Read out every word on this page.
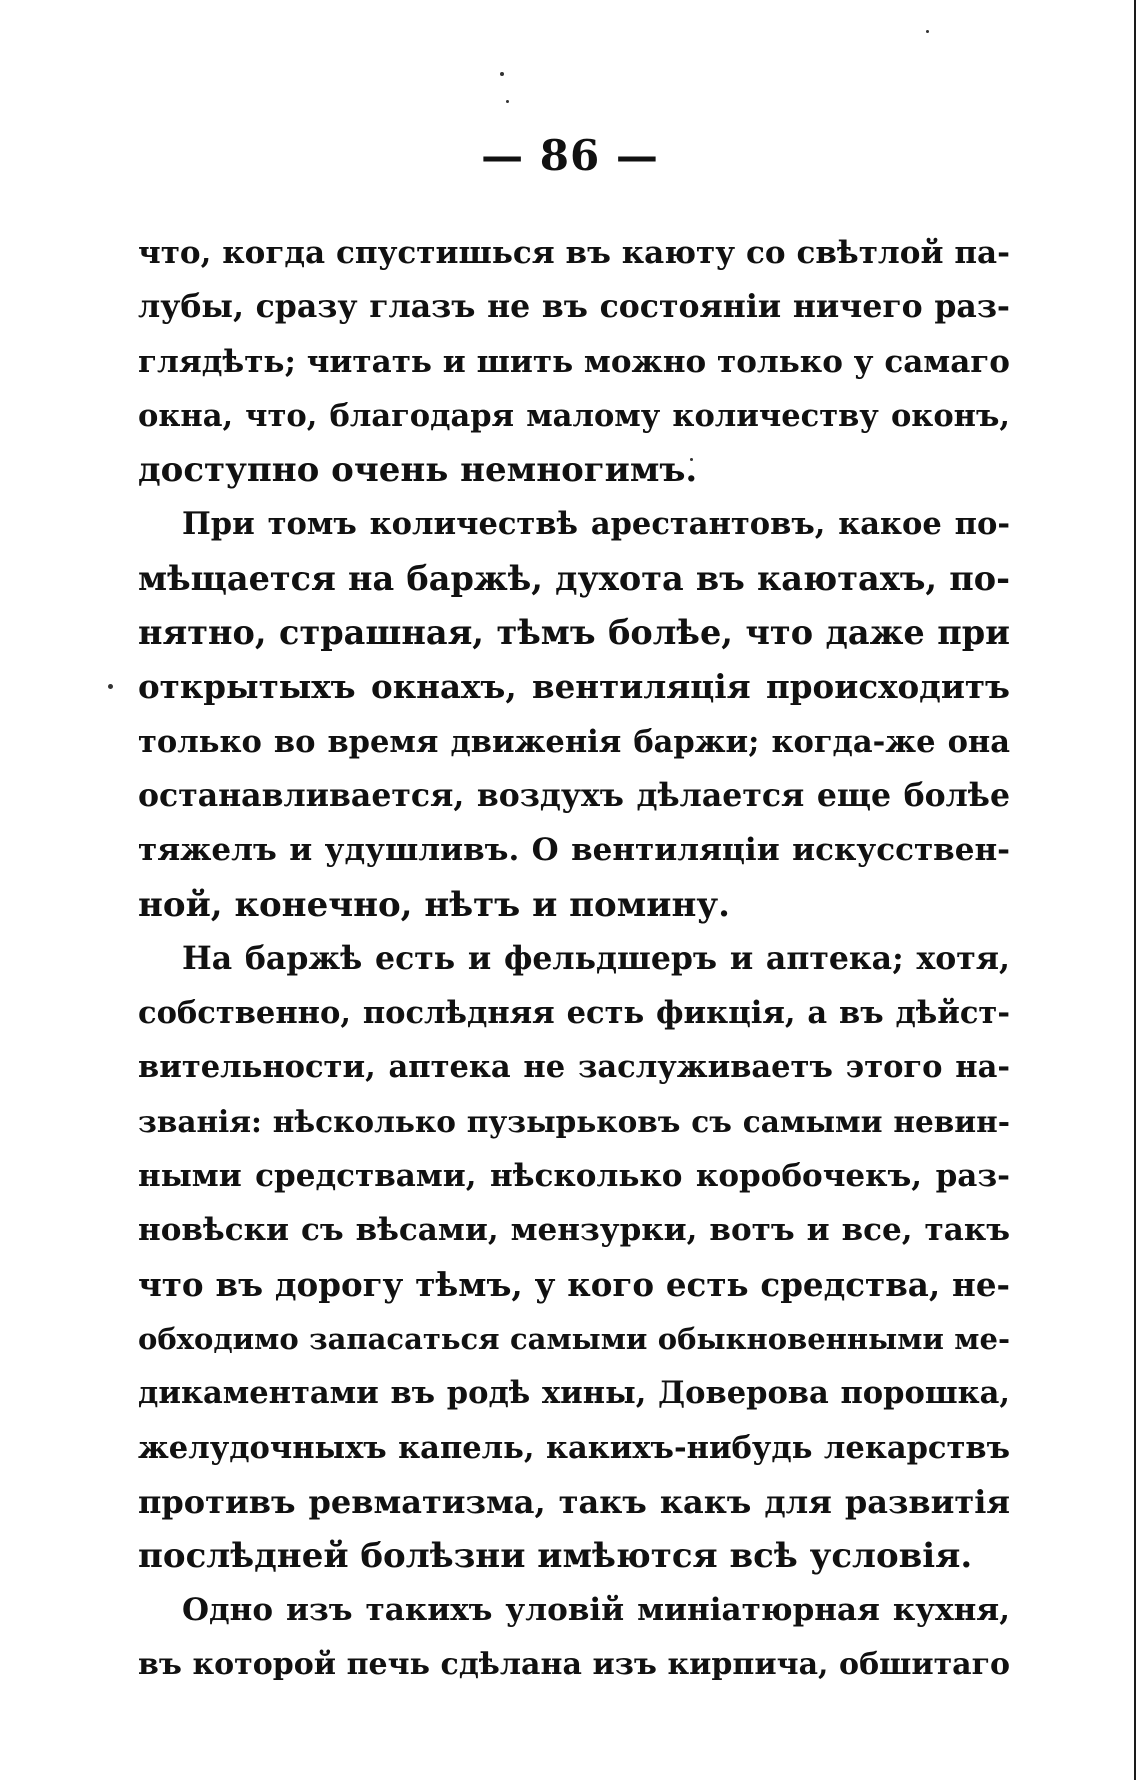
— 86 —
что, когда спустишься въ каюту со свѣтлой па-
лубы, сразу глазъ не въ состояніи ничего раз-
глядѣть; читать и шить можно только у самаго
окна, что, благодаря малому количеству оконъ,
доступно очень немногимъ.
При томъ количествѣ арестантовъ, какое по-
мѣщается на баржѣ, духота въ каютахъ, по-
нятно, страшная, тѣмъ болѣе, что даже при
открытыхъ окнахъ, вентиляція происходитъ
только во время движенія баржи; когда-же она
останавливается, воздухъ дѣлается еще болѣе
тяжелъ и удушливъ. О вентиляціи искусствен-
ной, конечно, нѣтъ и помину.
На баржѣ есть и фельдшеръ и аптека; хотя,
собственно, послѣдняя есть фикція, а въ дѣйст-
вительности, аптека не заслуживаетъ этого на-
званія: нѣсколько пузырьковъ съ самыми невин-
ными средствами, нѣсколько коробочекъ, раз-
новѣски съ вѣсами, мензурки, вотъ и все, такъ
что въ дорогу тѣмъ, у кого есть средства, не-
обходимо запасаться самыми обыкновенными ме-
дикаментами въ родѣ хины, Доверова порошка,
желудочныхъ капель, какихъ-нибудь лекарствъ
противъ ревматизма, такъ какъ для развитія
послѣдней болѣзни имѣются всѣ условія.
Одно изъ такихъ уловій миніатюрная кухня,
въ которой печь сдѣлана изъ кирпича, обшитаго
